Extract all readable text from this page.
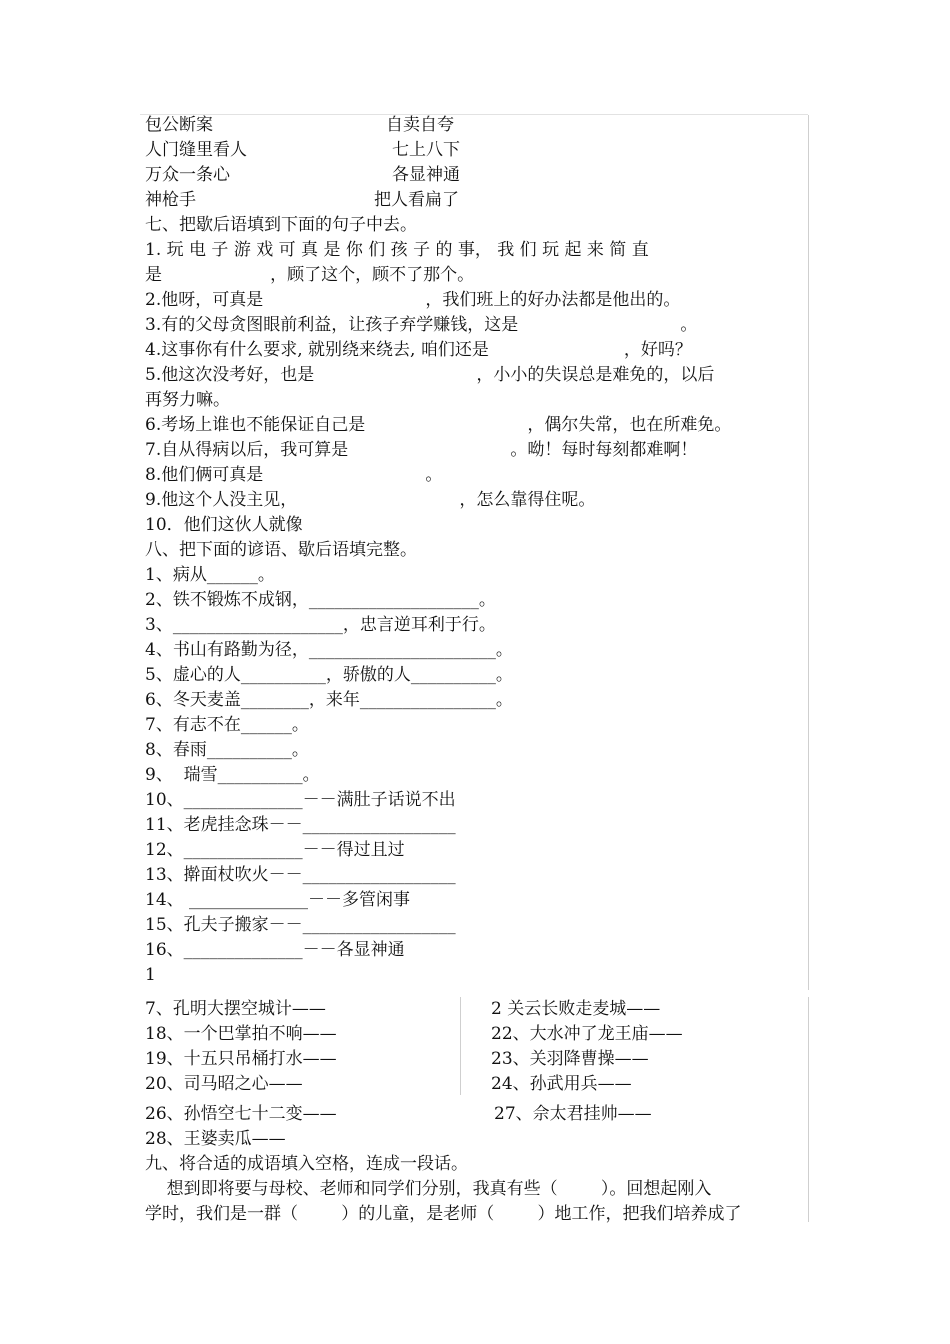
包公断案	自卖自夸
人门缝里看人	七上八下
万众一条心	各显神通
神枪手	把人看扁了
七、把歇后语填到下面的句子中去。
1. 玩 电 子 游 戏 可 真 是 你 们 孩 子 的 事， 我 们 玩 起 来 简 直
是                    ，顾了这个，顾不了那个。
2.他呀，可真是                              ，我们班上的好办法都是他出的。
3.有的父母贪图眼前利益，让孩子弃学赚钱，这是                              。
4.这事你有什么要求, 就别绕来绕去, 咱们还是                         ，好吗？
5.他这次没考好，也是                              ，小小的失误总是难免的，以后
再努力嘛。
6.考场上谁也不能保证自己是                              ，偶尔失常，也在所难免。
7.自从得病以后，我可算是                              。呦！每时每刻都难啊！
8.他们俩可真是                              。
9.他这个人没主见，                              ，怎么靠得住呢。
10．他们这伙人就像
八、把下面的谚语、歇后语填完整。
1、病从______。
2、铁不锻炼不成钢，____________________。
3、____________________，忠言逆耳利于行。
4、书山有路勤为径，______________________。
5、虚心的人__________，骄傲的人__________。
6、冬天麦盖________，来年________________。
7、有志不在______。
8、春雨__________。
9、  瑞雪__________。
10、______________－－满肚子话说不出
11、老虎挂念珠－－__________________
12、______________－－得过且过
13、擀面杖吹火－－__________________
14、 ______________－－多管闲事
15、孔夫子搬家－－__________________
16、______________－－各显神通
1
7、孔明大摆空城计——	2 关云长败走麦城——
18、一个巴掌拍不响——	22、大水冲了龙王庙——
19、十五只吊桶打水——	23、关羽降曹操——
20、司马昭之心——	24、孙武用兵——
26、孙悟空七十二变——	27、佘太君挂帅——
28、王婆卖瓜——
九、将合适的成语填入空格，连成一段话。
想到即将要与母校、老师和同学们分别，我真有些（        ）。回想起刚入
学时，我们是一群（        ）的儿童，是老师（        ）地工作，把我们培养成了
